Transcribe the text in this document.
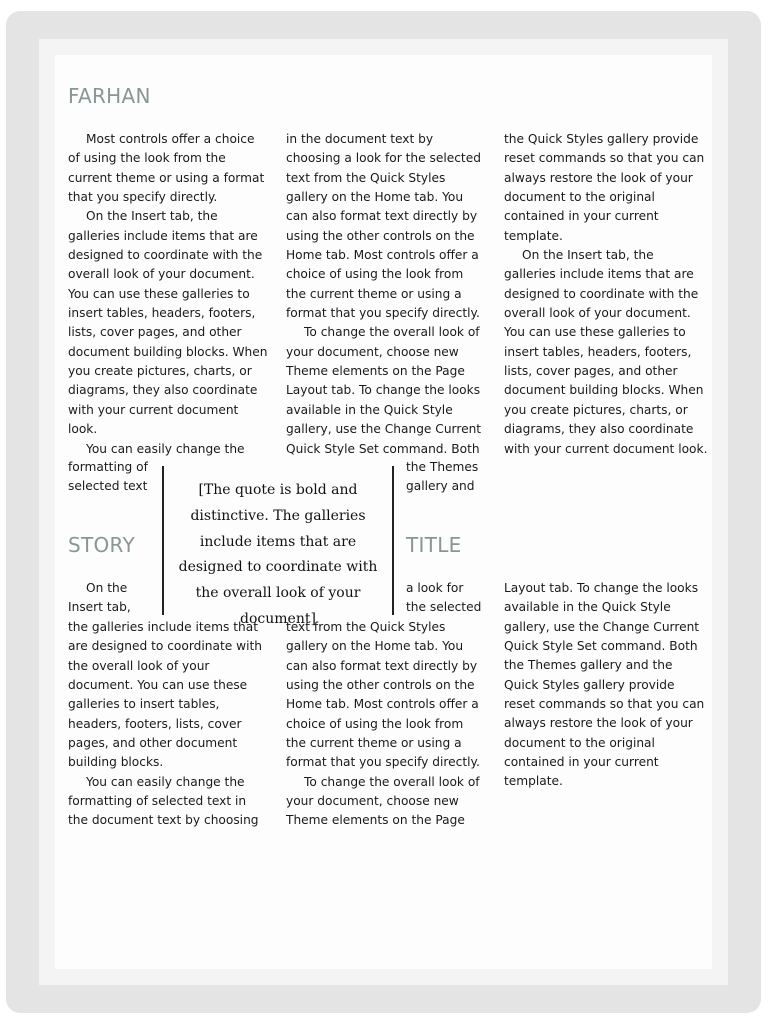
FARHAN

Most controls offer a choice of using the look from the current theme or using a format that you specify directly.

On the Insert tab, the galleries include items that are designed to coordinate with the overall look of your document. You can use these galleries to insert tables, headers, footers, lists, cover pages, and other document building blocks. When you create pictures, charts, or diagrams, they also coordinate with your current document look.

You can easily change the

formatting of
selected text

in the document text by choosing a look for the selected text from the Quick Styles gallery on the Home tab. You can also format text directly by using the other controls on the Home tab. Most controls offer a choice of using the look from the current theme or using a format that you specify directly.

To change the overall look of your document, choose new Theme elements on the Page Layout tab. To change the looks available in the Quick Style gallery, use the Change Current Quick Style Set command. Both

the Themes
gallery and

the Quick Styles gallery provide reset commands so that you can always restore the look of your document to the original contained in your current template.

On the Insert tab, the galleries include items that are designed to coordinate with the overall look of your document. You can use these galleries to insert tables, headers, footers, lists, cover pages, and other document building blocks. When you create pictures, charts, or diagrams, they also coordinate with your current document look.

[The quote is bold and distinctive. The galleries include items that are designed to coordinate with the overall look of your document]

STORY	TITLE
On the
Insert tab,

the galleries include items that are designed to coordinate with the overall look of your document. You can use these galleries to insert tables, headers, footers, lists, cover pages, and other document building blocks.

You can easily change the formatting of selected text in the document text by choosing

a look for
the selected

text from the Quick Styles gallery on the Home tab. You can also format text directly by using the other controls on the Home tab. Most controls offer a choice of using the look from the current theme or using a format that you specify directly.

To change the overall look of your document, choose new Theme elements on the Page

Layout tab. To change the looks available in the Quick Style gallery, use the Change Current Quick Style Set command. Both the Themes gallery and the Quick Styles gallery provide reset commands so that you can always restore the look of your document to the original contained in your current template.
